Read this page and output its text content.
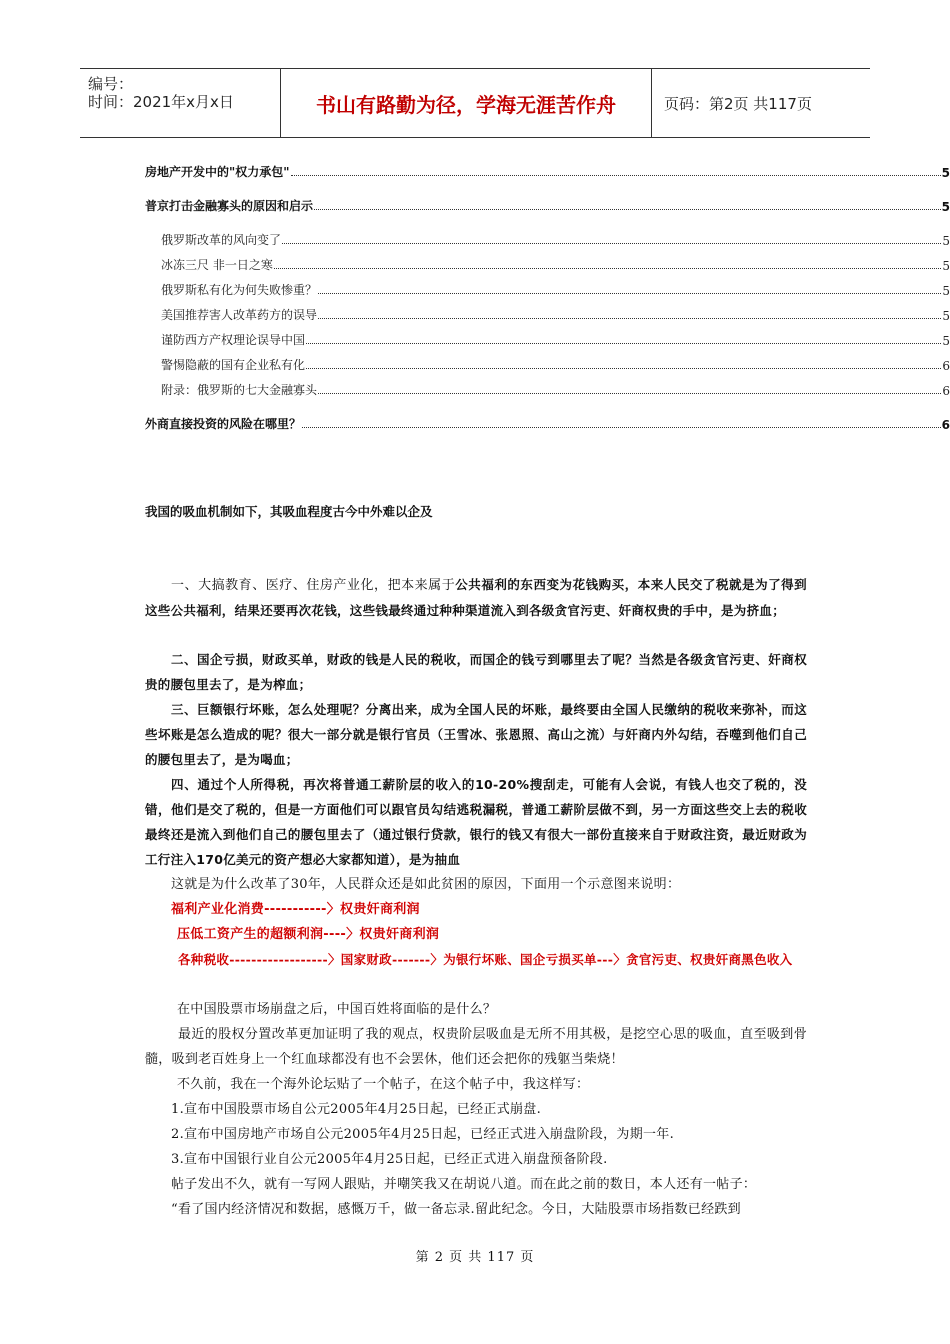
编号：
时间：2021年x月x日	书山有路勤为径，学海无涯苦作舟	页码：第2页 共117页
房地产开发中的"权力承包"	5
普京打击金融寡头的原因和启示	5
俄罗斯改革的风向变了	5
冰冻三尺 非一日之寒	5
俄罗斯私有化为何失败惨重？	5
美国推荐害人改革药方的误导	5
谨防西方产权理论误导中国	5
警惕隐蔽的国有企业私有化	6
附录：俄罗斯的七大金融寡头	6
外商直接投资的风险在哪里？	6
我国的吸血机制如下，其吸血程度古今中外难以企及
一、大搞教育、医疗、住房产业化，把本来属于公共福利的东西变为花钱购买，本来人民交了税就是为了得到这些公共福利，结果还要再次花钱，这些钱最终通过种种渠道流入到各级贪官污吏、奸商权贵的手中，是为挤血；
二、国企亏损，财政买单，财政的钱是人民的税收，而国企的钱亏到哪里去了呢？当然是各级贪官污吏、奸商权贵的腰包里去了，是为榨血；
三、巨额银行坏账，怎么处理呢？分离出来，成为全国人民的坏账，最终要由全国人民缴纳的税收来弥补，而这些坏账是怎么造成的呢？很大一部分就是银行官员（王雪冰、张恩照、高山之流）与奸商内外勾结，吞噬到他们自己的腰包里去了，是为喝血；
四、通过个人所得税，再次将普通工薪阶层的收入的10-20%搜刮走，可能有人会说，有钱人也交了税的，没错，他们是交了税的，但是一方面他们可以跟官员勾结逃税漏税，普通工薪阶层做不到，另一方面这些交上去的税收最终还是流入到他们自己的腰包里去了（通过银行贷款，银行的钱又有很大一部份直接来自于财政注资，最近财政为工行注入170亿美元的资产想必大家都知道），是为抽血
这就是为什么改革了30年，人民群众还是如此贫困的原因，下面用一个示意图来说明：
福利产业化消费-----------〉权贵奸商利润
压低工资产生的超额利润----〉权贵奸商利润
各种税收------------------〉国家财政-------〉为银行坏账、国企亏损买单---〉贪官污吏、权贵奸商黑色收入
在中国股票市场崩盘之后，中国百姓将面临的是什么？
最近的股权分置改革更加证明了我的观点，权贵阶层吸血是无所不用其极，是挖空心思的吸血，直至吸到骨髓，吸到老百姓身上一个红血球都没有也不会罢休，他们还会把你的残躯当柴烧！
不久前，我在一个海外论坛贴了一个帖子，在这个帖子中，我这样写：
1.宣布中国股票市场自公元2005年4月25日起，已经正式崩盘.
2.宣布中国房地产市场自公元2005年4月25日起，已经正式进入崩盘阶段，为期一年.
3.宣布中国银行业自公元2005年4月25日起，已经正式进入崩盘预备阶段.
帖子发出不久，就有一写网人跟贴，并嘲笑我又在胡说八道。而在此之前的数日，本人还有一帖子：
“看了国内经济情况和数据，感慨万千，做一备忘录.留此纪念。今日，大陆股票市场指数已经跌到
第 2 页 共 117 页
